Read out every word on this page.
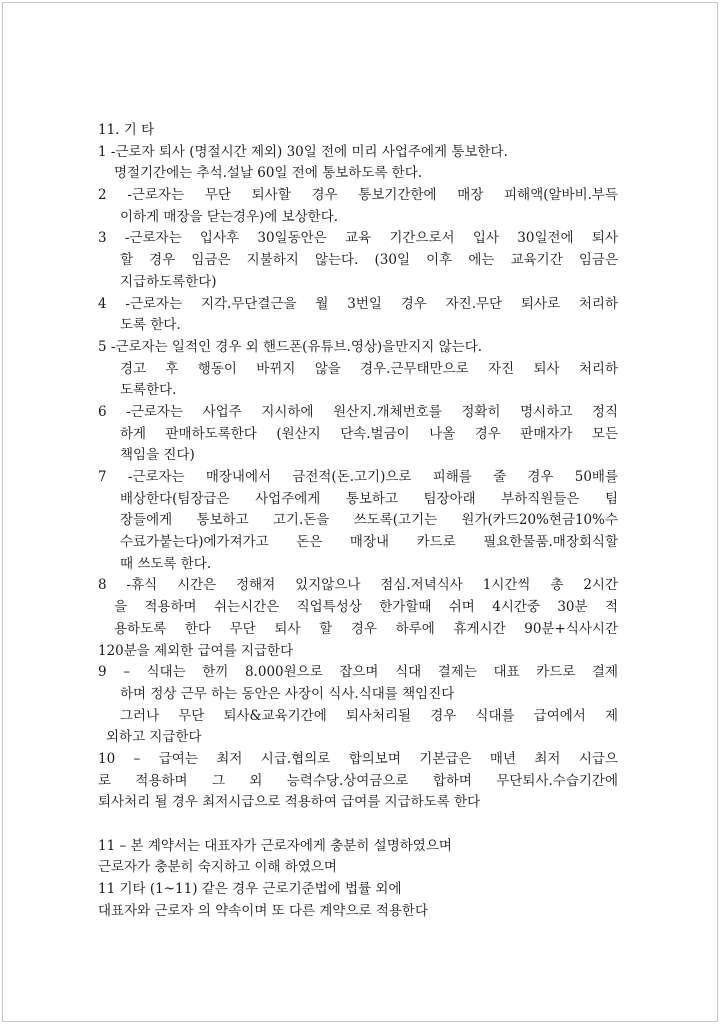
11. 기 타
1 -근로자 퇴사 (명절시간 제외) 30일 전에 미리 사업주에게 통보한다.
명절기간에는 추석.설날 60일 전에 통보하도록 한다.
2 -근로자는 무단 퇴사할 경우 통보기간한에 매장 피해액(알바비.부득
이하게 매장을 닫는경우)에 보상한다.
3 -근로자는 입사후 30일동안은 교육 기간으로서 입사 30일전에 퇴사
할 경우 임금은 지불하지 않는다. (30일 이후 에는 교육기간 임금은
지급하도록한다)
4 -근로자는 지각.무단결근을 월 3번일 경우 자진.무단 퇴사로 처리하
도록 한다.
5 -근로자는 일적인 경우 외 핸드폰(유튜브.영상)을만지지 않는다.
경고 후 행동이 바뀌지 않을 경우.근무태만으로 자진 퇴사 처리하
도록한다.
6 -근로자는 사업주 지시하에 원산지.개체번호를 정확히 명시하고 정직
하게 판매하도록한다 (원산지 단속.벌금이 나올 경우 판매자가 모든
책임을 진다)
7 -근로자는 매장내에서 금전적(돈.고기)으로 피해를 줄 경우 50배를
배상한다(팀장급은 사업주에게 통보하고 팀장아래 부하직원들은 팀
장들에게 통보하고 고기.돈을 쓰도록(고기는 원가(카드20%현금10%수
수료가붙는다)에가져가고 돈은 매장내 카드로 필요한물품.매장회식할
때 쓰도록 한다.
8 -휴식 시간은 정해져 있지않으나 점심.저녁식사 1시간씩 총 2시간
을 적용하며 쉬는시간은 직업특성상 한가할때 쉬며 4시간중 30분 적
용하도록 한다 무단 퇴사 할 경우 하루에 휴게시간 90분+식사시간
120분을 제외한 급여를 지급한다
9 – 식대는 한끼 8.000원으로 잡으며 식대 결제는 대표 카드로 결제
하며 정상 근무 하는 동안은 사장이 식사.식대를 책임진다
그러나 무단 퇴사&교육기간에 퇴사처리될 경우 식대를 급여에서 제
외하고 지급한다
10 – 급여는 최저 시급.협의로 합의보며 기본급은 매년 최저 시급으
로 적용하며 그 외 능력수당.상여금으로 합하며 무단퇴사.수습기간에
퇴사처리 될 경우 최저시급으로 적용하여 급여를 지급하도록 한다
11 – 본 계약서는 대표자가 근로자에게 충분히 설명하였으며
근로자가 충분히 숙지하고 이해 하였으며
11 기타 (1~11) 같은 경우 근로기준법에 법률 외에
대표자와 근로자 의 약속이며 또 다른 계약으로 적용한다
